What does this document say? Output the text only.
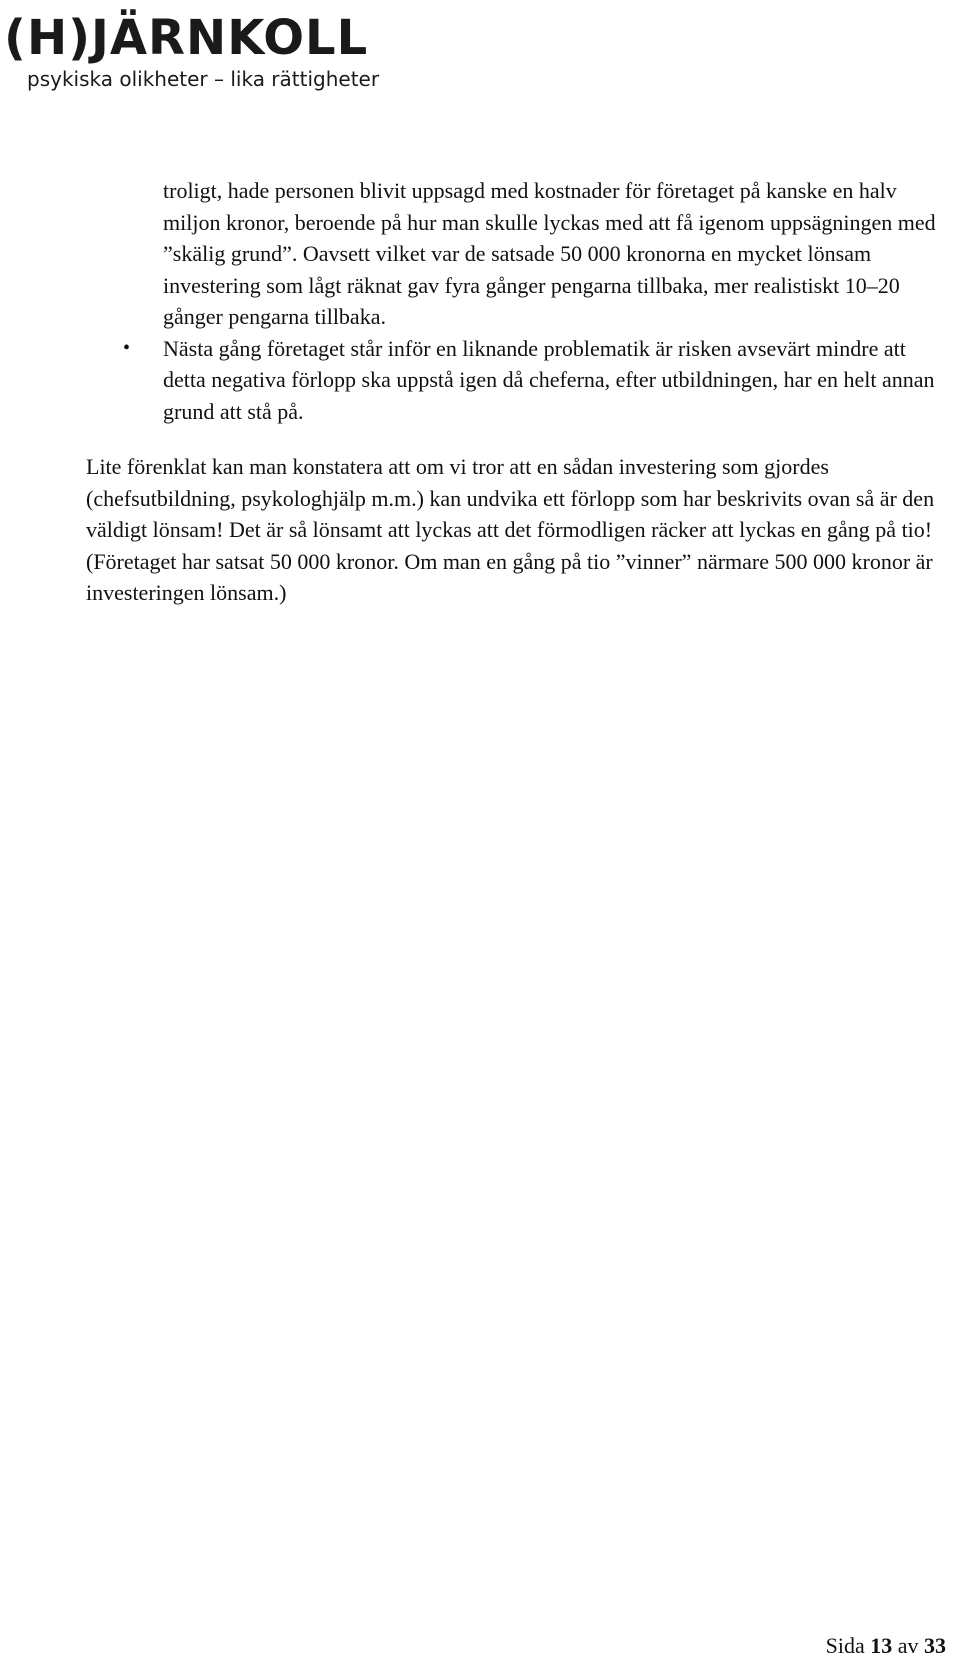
(H)JÄRNKOLL
psykiska olikheter – lika rättigheter

troligt, hade personen blivit uppsagd med kostnader för företaget på kanske en halv miljon kronor, beroende på hur man skulle lyckas med att få igenom uppsägningen med ”skälig grund”. Oavsett vilket var de satsade 50 000 kronorna en mycket lönsam investering som lågt räknat gav fyra gånger pengarna tillbaka, mer realistiskt 10–20 gånger pengarna tillbaka.

• Nästa gång företaget står inför en liknande problematik är risken avsevärt mindre att detta negativa förlopp ska uppstå igen då cheferna, efter utbildningen, har en helt annan grund att stå på.

Lite förenklat kan man konstatera att om vi tror att en sådan investering som gjordes (chefsutbildning, psykologhjälp m.m.) kan undvika ett förlopp som har beskrivits ovan så är den väldigt lönsam! Det är så lönsamt att lyckas att det förmodligen räcker att lyckas en gång på tio! (Företaget har satsat 50 000 kronor. Om man en gång på tio ”vinner” närmare 500 000 kronor är investeringen lönsam.)

Sida 13 av 33
